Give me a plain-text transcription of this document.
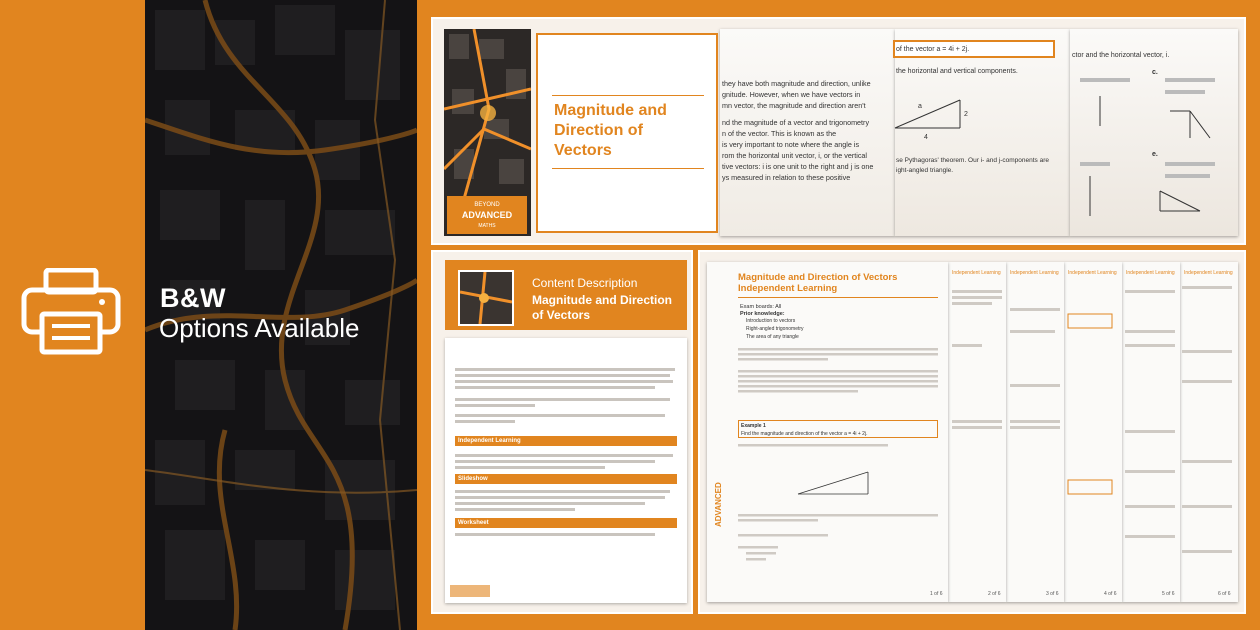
B&W
Options Available
they have both magnitude and direction, unlike
gnitude. However, when we have vectors in
mn vector, the magnitude and direction aren't
nd the magnitude of a vector and trigonometry
n of the vector. This is known as the
is very important to note where the angle is
rom the horizontal unit vector, i, or the vertical
tive vectors: i is one unit to the right and j is one
ys measured in relation to these positive
of the vector a = 4i + 2j.
the horizontal and vertical components.
a
2
4
se Pythagoras' theorem. Our i- and j-components are
ight-angled triangle.
ctor and the horizontal vector, i.
c.
e.
BEYOND
ADVANCED
MATHS
Magnitude and Direction of Vectors
Content Description
Magnitude and Direction of Vectors
Independent Learning
Slideshow
Worksheet
Independent Learning Independent Learning Independent Learning Independent Learning Independent Learning
ADVANCED
Magnitude and Direction of Vectors
Independent Learning
Exam boards: All
Prior knowledge:
Introduction to vectors
Right-angled trigonometry
The area of any triangle
Example 1
Find the magnitude and direction of the vector a = 4i + 2j.
1 of 6	2 of 6	3 of 6	4 of 6	5 of 6	6 of 6
